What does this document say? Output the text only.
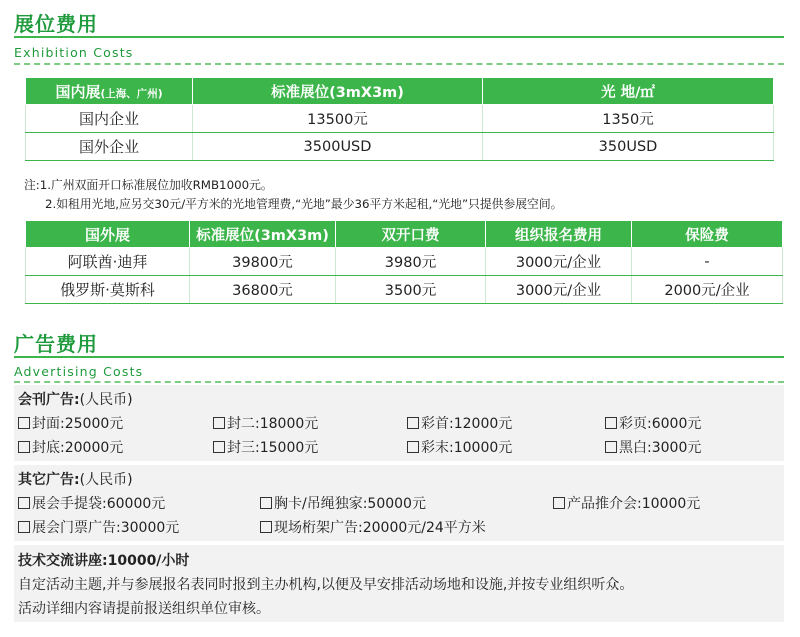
展位费用
Exhibition Costs
国内展(上海、广州)	标准展位(3mX3m)	光 地/㎡
国内企业	13500元	1350元
国外企业	3500USD	350USD
注:1.广州双面开口标准展位加收RMB1000元。
2.如租用光地,应另交30元/平方米的光地管理费,“光地”最少36平方米起租,“光地”只提供参展空间。
国外展	标准展位(3mX3m)	双开口费	组织报名费用	保险费
阿联酋·迪拜	39800元	3980元	3000元/企业	-
俄罗斯·莫斯科	36800元	3500元	3000元/企业	2000元/企业
广告费用
Advertising Costs
会刊广告:(人民币)
封面:25000元	封二:18000元	彩首:12000元	彩页:6000元
封底:20000元	封三:15000元	彩末:10000元	黑白:3000元
其它广告:(人民币)
展会手提袋:60000元	胸卡/吊绳独家:50000元	产品推介会:10000元
展会门票广告:30000元	现场桁架广告:20000元/24平方米
技术交流讲座:10000/小时
自定活动主题,并与参展报名表同时报到主办机构,以便及早安排活动场地和设施,并按专业组织听众。
活动详细内容请提前报送组织单位审核。
